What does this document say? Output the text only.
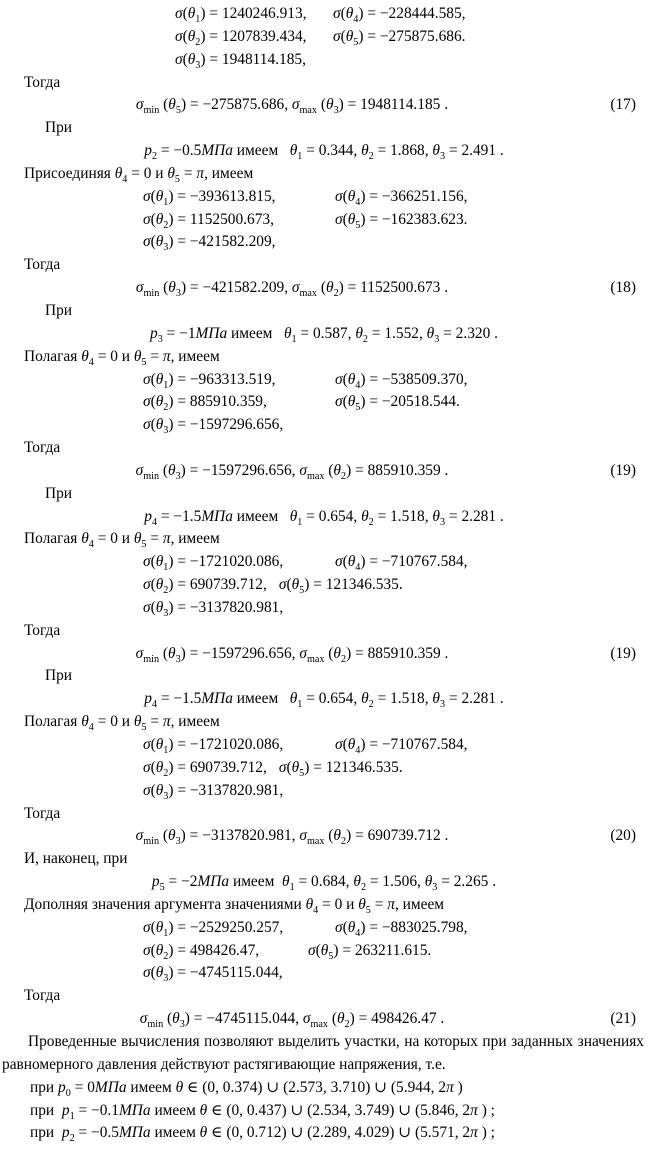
$\sigma(\theta_1) = 1240246.913$, $\sigma(\theta_4) = -228444.585$,
$\sigma(\theta_2) = 1207839.434$, $\sigma(\theta_5) = -275875.686$.
$\sigma(\theta_3) = 1948114.185$,
Тогда
$\sigma_{min}$ $(\theta_5) = -275875.686$, $\sigma_{max}$ $(\theta_3) = 1948114.185$ .	(17)
При
$p_2 = -0.5МПа$ имеем   $\theta_1 = 0.344$, $\theta_2 = 1.868$, $\theta_3 = 2.491$ .
Присоединяя $\theta_4 = 0$ и $\theta_5 = \pi$, имеем
$\sigma(\theta_1) = -393613.815$,	$\sigma(\theta_4) = -366251.156$,
$\sigma(\theta_2) = 1152500.673$,	$\sigma(\theta_5) = -162383.623$.
$\sigma(\theta_3) = -421582.209$,
Тогда
$\sigma_{min}$ $(\theta_3) = -421582.209$, $\sigma_{max}$ $(\theta_2) = 1152500.673$ .	(18)
При
$p_3 = -1МПа$ имеем   $\theta_1 = 0.587$, $\theta_2 = 1.552$, $\theta_3 = 2.320$ .
Полагая $\theta_4 = 0$ и $\theta_5 = \pi$, имеем
$\sigma(\theta_1) = -963313.519$,	$\sigma(\theta_4) = -538509.370$,
$\sigma(\theta_2) = 885910.359$,	$\sigma(\theta_5) = -20518.544$.
$\sigma(\theta_3) = -1597296.656$,
Тогда
$\sigma_{min}$ $(\theta_3) = -1597296.656$, $\sigma_{max}$ $(\theta_2) = 885910.359$ .	(19)
При
$p_4 = -1.5МПа$ имеем   $\theta_1 = 0.654$, $\theta_2 = 1.518$, $\theta_3 = 2.281$ .
Полагая $\theta_4 = 0$ и $\theta_5 = \pi$, имеем
$\sigma(\theta_1) = -1721020.086$,	$\sigma(\theta_4) = -710767.584$,
$\sigma(\theta_2) = 690739.712$, $\sigma(\theta_5) = 121346.535$.
$\sigma(\theta_3) = -3137820.981$,
Тогда
$\sigma_{min}$ $(\theta_3) = -1597296.656$, $\sigma_{max}$ $(\theta_2) = 885910.359$ .	(19)
При
$p_4 = -1.5МПа$ имеем   $\theta_1 = 0.654$, $\theta_2 = 1.518$, $\theta_3 = 2.281$ .
Полагая $\theta_4 = 0$ и $\theta_5 = \pi$, имеем
$\sigma(\theta_1) = -1721020.086$,	$\sigma(\theta_4) = -710767.584$,
$\sigma(\theta_2) = 690739.712$, $\sigma(\theta_5) = 121346.535$.
$\sigma(\theta_3) = -3137820.981$,
Тогда
$\sigma_{min}$ $(\theta_3) = -3137820.981$, $\sigma_{max}$ $(\theta_2) = 690739.712$ .	(20)
И, наконец, при
$p_5 = -2МПа$ имеем  $\theta_1 = 0.684$, $\theta_2 = 1.506$, $\theta_3 = 2.265$ .
Дополняя значения аргумента значениями $\theta_4 = 0$ и $\theta_5 = \pi$, имеем
$\sigma(\theta_1) = -2529250.257$,	$\sigma(\theta_4) = -883025.798$,
$\sigma(\theta_2) = 498426.47$,	$\sigma(\theta_5) = 263211.615$.
$\sigma(\theta_3) = -4745115.044$,
Тогда
$\sigma_{min}$ $(\theta_3) = -4745115.044$, $\sigma_{max}$ $(\theta_2) = 498426.47$ .	(21)
Проведенные вычисления позволяют выделить участки, на которых при заданных значениях равномерного давления действуют растягивающие напряжения, т.е.
при $p_0 = 0МПа$ имеем θ ∈ (0, 0.374) ∪ (2.573, 3.710) ∪ (5.944, 2π )
при  $p_1 = -0.1МПа$ имеем θ ∈ (0, 0.437) ∪ (2.534, 3.749) ∪ (5.846, 2π ) ;
при  $p_2 = -0.5МПа$ имеем θ ∈ (0, 0.712) ∪ (2.289, 4.029) ∪ (5.571, 2π ) ;
